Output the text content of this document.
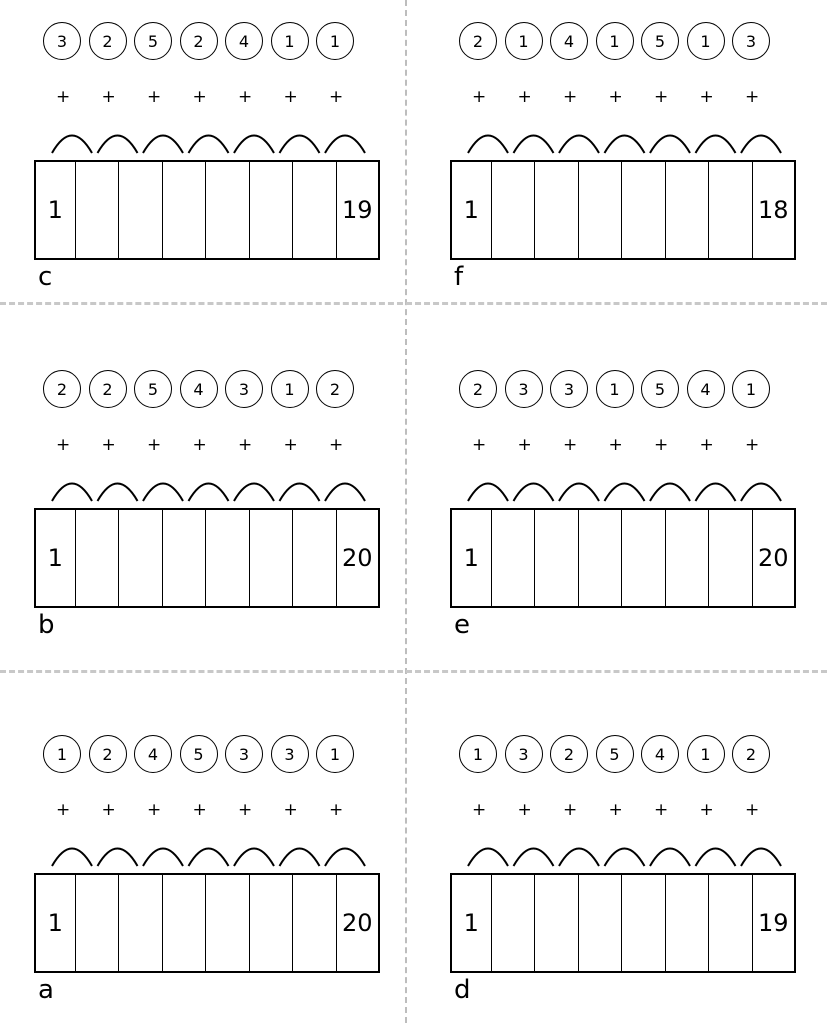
3
+
2
+
5
+
2
+
4
+
1
+
1
+
1	19
c
2
+
1
+
4
+
1
+
5
+
1
+
3
+
1	18
f
2
+
2
+
5
+
4
+
3
+
1
+
2
+
1	20
b
2
+
3
+
3
+
1
+
5
+
4
+
1
+
1	20
e
1
+
2
+
4
+
5
+
3
+
3
+
1
+
1	20
a
1
+
3
+
2
+
5
+
4
+
1
+
2
+
1	19
d
